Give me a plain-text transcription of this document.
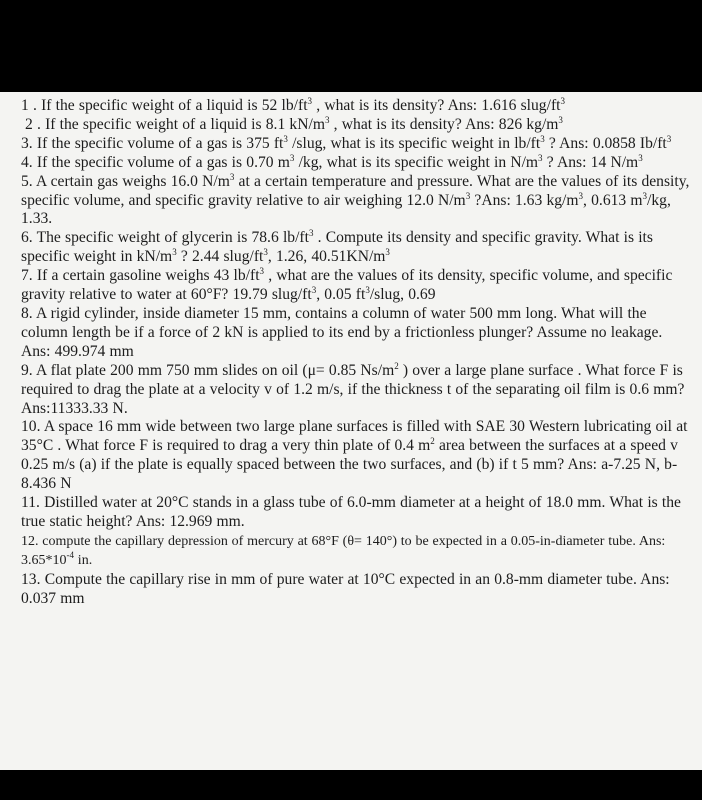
1 . If the specific weight of a liquid is 52 $lb/ft^3$ , what is its density? Ans: 1.616 slug/$ft^3$

2 . If the specific weight of a liquid is 8.1 $kN/m^3$ , what is its density? Ans: 826 $kg/m^3$

3. If the specific volume of a gas is 375 $ft^3$ /slug, what is its specific weight in $lb/ft^3$ ? Ans: 0.0858 $Ib/ft^3$

4. If the specific volume of a gas is 0.70 $m^3$ /kg, what is its specific weight in $N/m^3$ ? Ans: 14 $N/m^3$

5. A certain gas weighs 16.0 $N/m^3$ at a certain temperature and pressure. What are the values of its density, specific volume, and specific gravity relative to air weighing 12.0 $N/m^3$ ?Ans: 1.63 $kg/m^3$, 0.613 $m^3/kg$, 1.33.

6. The specific weight of glycerin is 78.6 $lb/ft^3$ . Compute its density and specific gravity. What is its specific weight in $kN/m^3$ ? 2.44 slug/$ft^3$, 1.26, $40.51KN/m^3$

7. If a certain gasoline weighs 43 $lb/ft^3$ , what are the values of its density, specific volume, and specific gravity relative to water at 60°F? 19.79 slug/$ft^3$, 0.05 $ft^3$/slug, 0.69

8. A rigid cylinder, inside diameter 15 mm, contains a column of water 500 mm long. What will the column length be if a force of 2 kN is applied to its end by a frictionless plunger? Assume no leakage. Ans: 499.974 mm

9. A flat plate 200 mm 750 mm slides on oil (μ= 0.85 $Ns/m^2$ ) over a large plane surface . What force F is required to drag the plate at a velocity v of 1.2 m/s, if the thickness t of the separating oil film is 0.6 mm? Ans:11333.33 N.

10. A space 16 mm wide between two large plane surfaces is filled with SAE 30 Western lubricating oil at 35°C . What force F is required to drag a very thin plate of 0.4 $m^2$ area between the surfaces at a speed v 0.25 m/s (a) if the plate is equally spaced between the two surfaces, and (b) if t 5 mm? Ans: a-7.25 N, b- 8.436 N

11. Distilled water at 20°C stands in a glass tube of 6.0-mm diameter at a height of 18.0 mm. What is the true static height? Ans: 12.969 mm.

12. compute the capillary depression of mercury at 68°F (θ= 140°) to be expected in a 0.05-in-diameter tube. Ans: $3.65*10^{-4}$ in.

13. Compute the capillary rise in mm of pure water at 10°C expected in an 0.8-mm diameter tube. Ans: 0.037 mm
